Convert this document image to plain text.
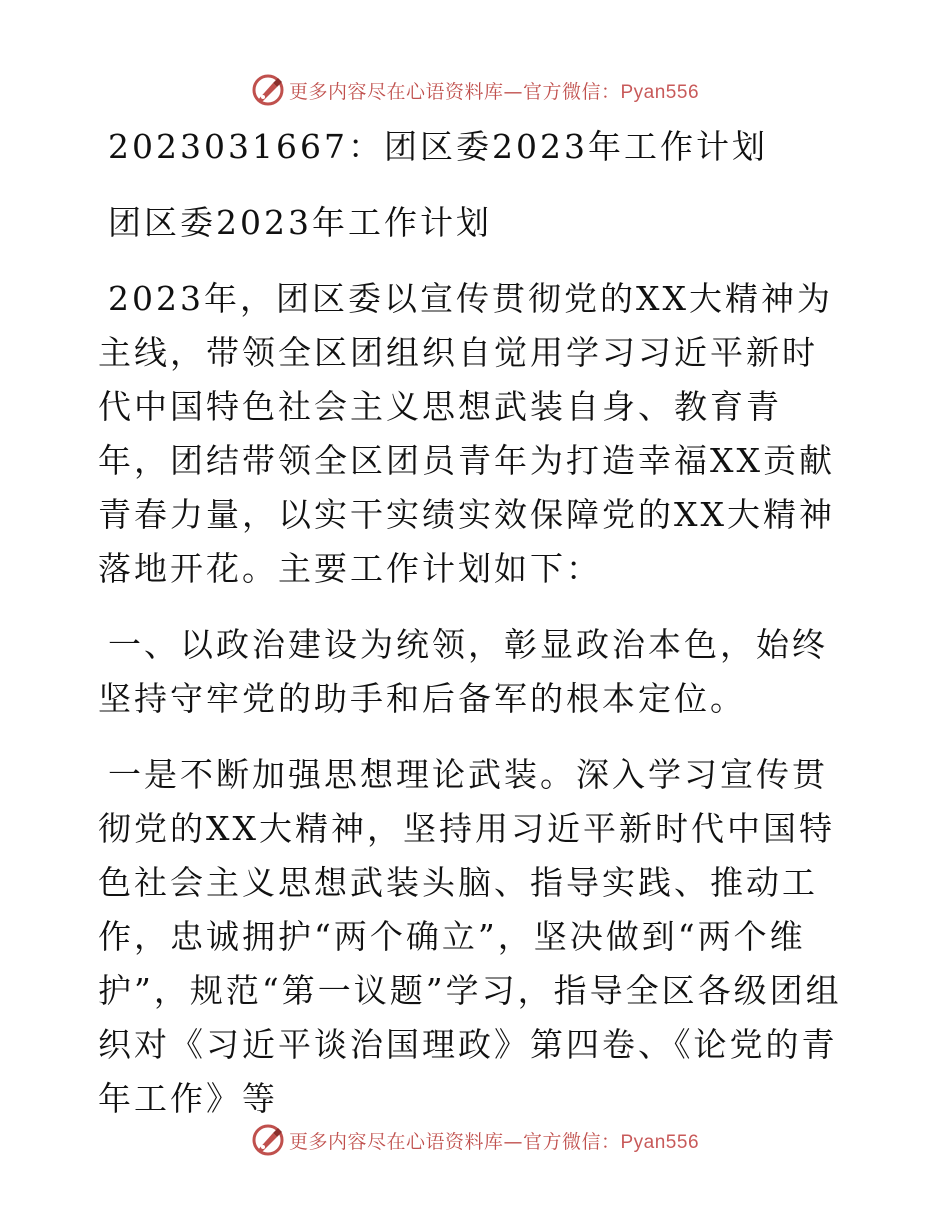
更多内容尽在心语资料库—官方微信：Pyan556

2023031667：团区委2023年工作计划

团区委2023年工作计划

2023年，团区委以宣传贯彻党的XX大精神为主线，带领全区团组织自觉用学习习近平新时代中国特色社会主义思想武装自身、教育青年，团结带领全区团员青年为打造幸福XX贡献青春力量，以实干实绩实效保障党的XX大精神落地开花。主要工作计划如下：

一、以政治建设为统领，彰显政治本色，始终坚持守牢党的助手和后备军的根本定位。

一是不断加强思想理论武装。深入学习宣传贯彻党的XX大精神，坚持用习近平新时代中国特色社会主义思想武装头脑、指导实践、推动工作，忠诚拥护“两个确立”，坚决做到“两个维护”，规范“第一议题”学习，指导全区各级团组织对《习近平谈治国理政》第四卷、《论党的青年工作》等

更多内容尽在心语资料库—官方微信：Pyan556
